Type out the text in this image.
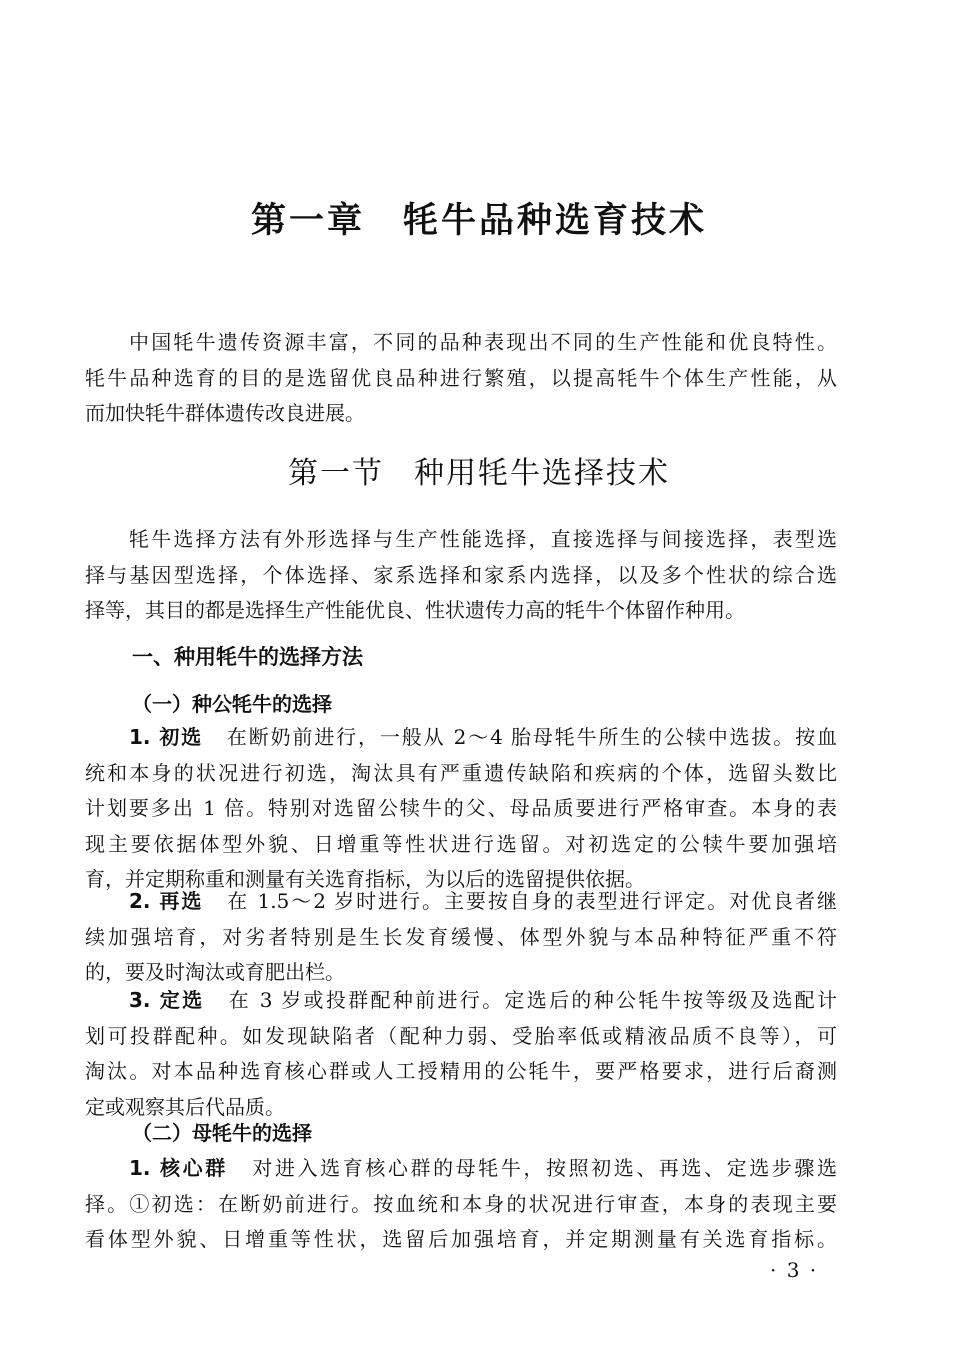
第一章 牦牛品种选育技术
中国牦牛遗传资源丰富，不同的品种表现出不同的生产性能和优良特性。
牦牛品种选育的目的是选留优良品种进行繁殖，以提高牦牛个体生产性能，从
而加快牦牛群体遗传改良进展。
第一节 种用牦牛选择技术
牦牛选择方法有外形选择与生产性能选择，直接选择与间接选择，表型选
择与基因型选择，个体选择、家系选择和家系内选择，以及多个性状的综合选
择等，其目的都是选择生产性能优良、性状遗传力高的牦牛个体留作种用。
一、种用牦牛的选择方法
（一）种公牦牛的选择
1. 初选 在断奶前进行，一般从 2～4 胎母牦牛所生的公犊中选拔。按血
统和本身的状况进行初选，淘汰具有严重遗传缺陷和疾病的个体，选留头数比
计划要多出 1 倍。特别对选留公犊牛的父、母品质要进行严格审查。本身的表
现主要依据体型外貌、日增重等性状进行选留。对初选定的公犊牛要加强培
育，并定期称重和测量有关选育指标，为以后的选留提供依据。
2. 再选 在 1.5～2 岁时进行。主要按自身的表型进行评定。对优良者继
续加强培育，对劣者特别是生长发育缓慢、体型外貌与本品种特征严重不符
的，要及时淘汰或育肥出栏。
3. 定选 在 3 岁或投群配种前进行。定选后的种公牦牛按等级及选配计
划可投群配种。如发现缺陷者（配种力弱、受胎率低或精液品质不良等），可
淘汰。对本品种选育核心群或人工授精用的公牦牛，要严格要求，进行后裔测
定或观察其后代品质。
（二）母牦牛的选择
1. 核心群 对进入选育核心群的母牦牛，按照初选、再选、定选步骤选
择。①初选：在断奶前进行。按血统和本身的状况进行审查，本身的表现主要
看体型外貌、日增重等性状，选留后加强培育，并定期测量有关选育指标。
· 3 ·
